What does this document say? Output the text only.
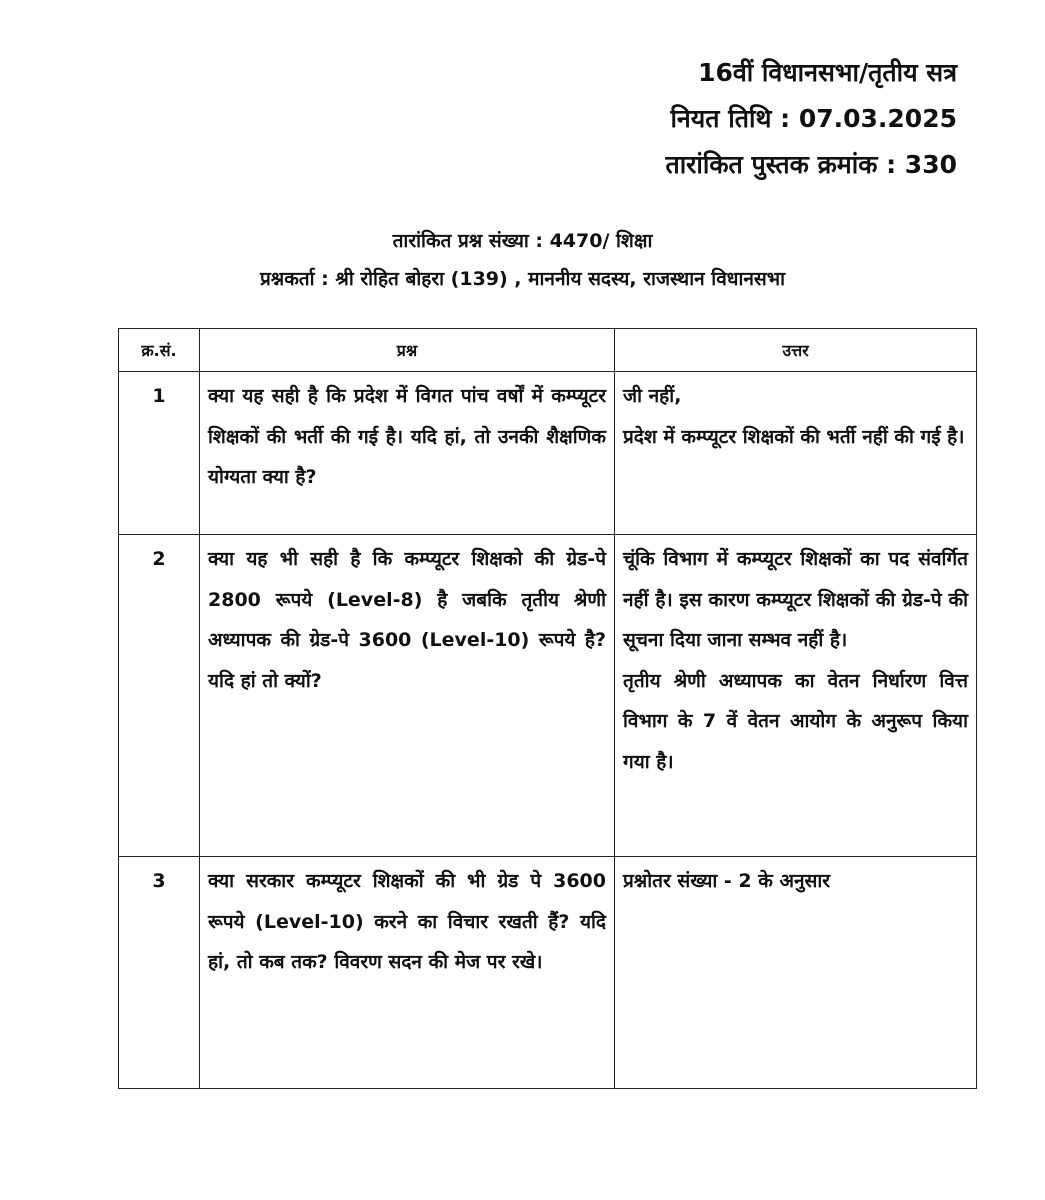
16वीं विधानसभा/तृतीय सत्र
नियत तिथि : 07.03.2025
तारांकित पुस्तक क्रमांक : 330
तारांकित प्रश्न संख्या : 4470/ शिक्षा
प्रश्नकर्ता : श्री रोहित बोहरा (139) , माननीय सदस्य, राजस्थान विधानसभा
क्र.सं.	प्रश्न	उत्तर
1	क्या यह सही है कि प्रदेश में विगत पांच वर्षों में कम्प्यूटर शिक्षकों की भर्ती की गई है। यदि हां, तो उनकी शैक्षणिक योग्यता क्या है?	जी नहीं,
प्रदेश में कम्प्यूटर शिक्षकों की भर्ती नहीं की गई है।

2	क्या यह भी सही है कि कम्प्यूटर शिक्षको की ग्रेड-पे 2800 रूपये (Level-8) है जबकि तृतीय श्रेणी अध्यापक की ग्रेड-पे 3600 (Level-10) रूपये है? यदि हां तो क्यों?	चूंकि विभाग में कम्प्यूटर शिक्षकों का पद संवर्गित नहीं है। इस कारण कम्प्यूटर शिक्षकों की ग्रेड-पे की सूचना दिया जाना सम्भव नहीं है।
तृतीय श्रेणी अध्यापक का वेतन निर्धारण वित्त विभाग के 7 वें वेतन आयोग के अनुरूप किया गया है।

3	क्या सरकार कम्प्यूटर शिक्षकों की भी ग्रेड पे 3600 रूपये (Level-10) करने का विचार रखती हैं? यदि हां, तो कब तक? विवरण सदन की मेज पर रखे।	प्रश्नोतर संख्या - 2 के अनुसार
